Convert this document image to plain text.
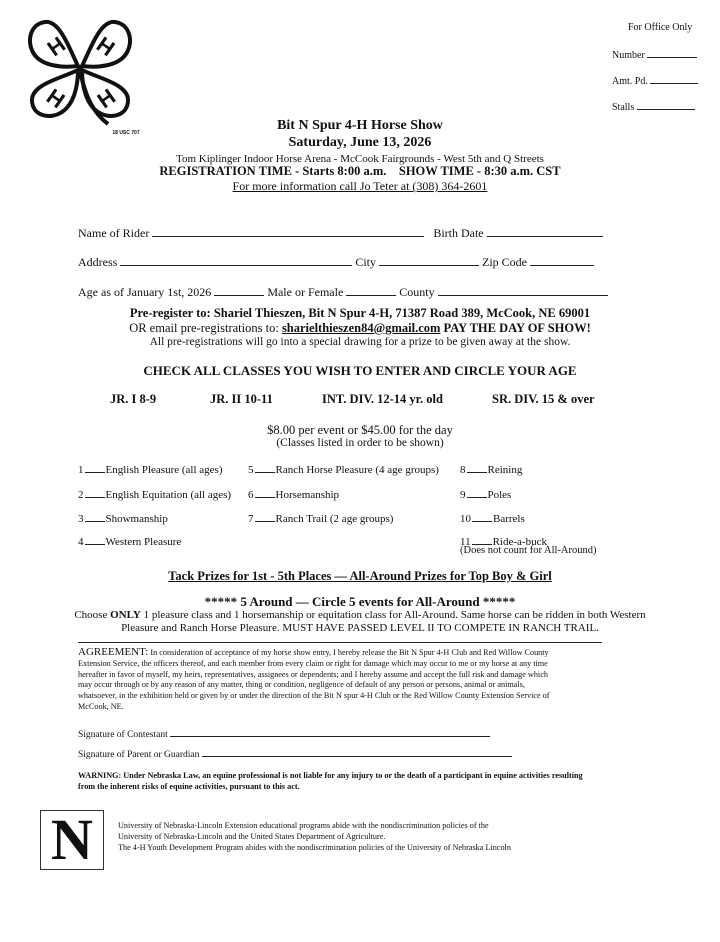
H H
H H
18 USC 707
For Office Only
Number
Amt. Pd.
Stalls
Bit N Spur 4-H Horse Show
Saturday, June 13, 2026
Tom Kiplinger Indoor Horse Arena - McCook Fairgrounds - West 5th and Q Streets
REGISTRATION TIME - Starts 8:00 a.m.    SHOW TIME - 8:30 a.m. CST
For more information call Jo Teter at (308) 364-2601
Name of Rider	Birth Date
Address	City	Zip Code
Age as of January 1st, 2026	Male or Female	County
Pre-register to: Shariel Thieszen, Bit N Spur 4-H, 71387 Road 389, McCook, NE 69001
OR email pre-registrations to: sharielthieszen84@gmail.com PAY THE DAY OF SHOW!
All pre-registrations will go into a special drawing for a prize to be given away at the show.
CHECK ALL CLASSES YOU WISH TO ENTER AND CIRCLE YOUR AGE
JR. I 8-9	JR. II 10-11	INT. DIV. 12-14 yr. old	SR. DIV. 15 & over
$8.00 per event or $45.00 for the day
(Classes listed in order to be shown)
1 English Pleasure (all ages)
2 English Equitation (all ages)
3 Showmanship
4 Western Pleasure
5 Ranch Horse Pleasure (4 age groups)
6 Horsemanship
7 Ranch Trail (2 age groups)
8 Reining
9 Poles
10 Barrels
11 Ride-a-buck
(Does not count for All-Around)
Tack Prizes for 1st - 5th Places — All-Around Prizes for Top Boy & Girl
***** 5 Around — Circle 5 events for All-Around *****
Choose ONLY 1 pleasure class and 1 horsemanship or equitation class for All-Around. Same horse can be ridden in both Western
Pleasure and Ranch Horse Pleasure. MUST HAVE PASSED LEVEL II TO COMPETE IN RANCH TRAIL.
AGREEMENT: In consideration of acceptance of my horse show entry, I hereby release the Bit N Spur 4-H Club and Red Willow County
Extension Service, the officers thereof, and each member from every claim or right for damage which may occur to me or my horse at any time
hereafter in favor of myself, my heirs, representatives, assignees or dependents; and I hereby assume and accept the full risk and damage which
may occur through or by any reason of any matter, thing or condition, negligence of default of any person or persons, animal or animals,
whatsoever, in the exhibition held or given by or under the direction of the Bit N spur 4-H Club or the Red Willow County Extension Service of
McCook, NE.
Signature of Contestant
Signature of Parent or Guardian
WARNING: Under Nebraska Law, an equine professional is not liable for any injury to or the death of a participant in equine activities resulting
from the inherent risks of equine activities, pursuant to this act.
N	University of Nebraska-Lincoln Extension educational programs abide with the nondiscrimination policies of the
University of Nebraska-Lincoln and the United States Department of Agriculture.
The 4-H Youth Development Program abides with the nondiscrimination policies of the University of Nebraska Lincoln
